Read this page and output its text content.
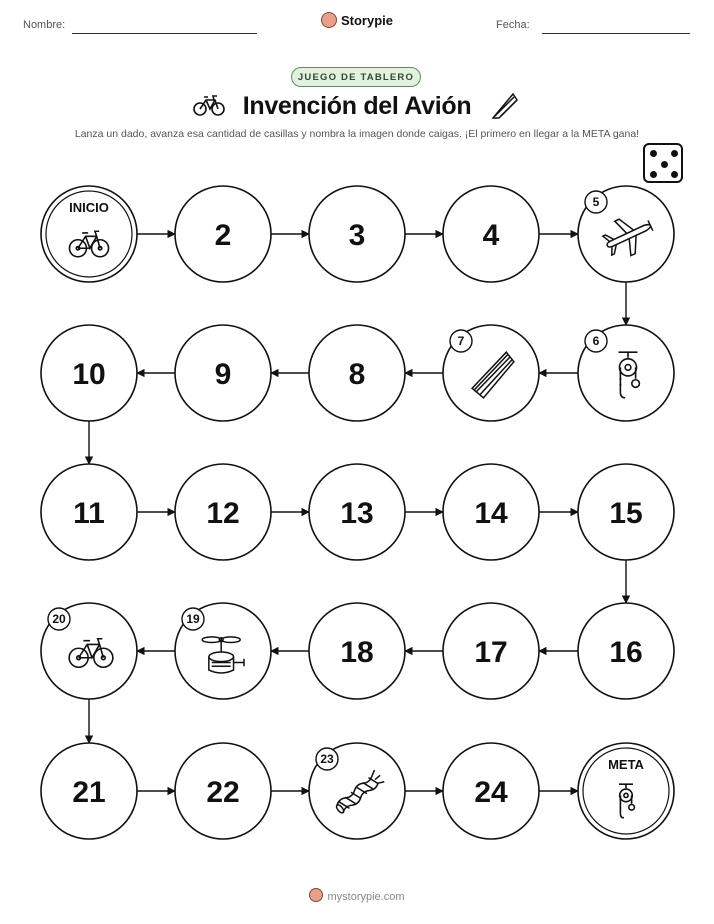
Nombre:	Storypie	Fecha:
JUEGO DE TABLERO
Invención del Avión
Lanza un dado, avanza esa cantidad de casillas y nombra la imagen donde caigas. ¡El primero en llegar a la META gana!
INICIO
2	3	4
5
6
7
8
9
10
11	12	13	14	15
16
17
18
19
20
21	22
23
24
META
mystorypie.com
